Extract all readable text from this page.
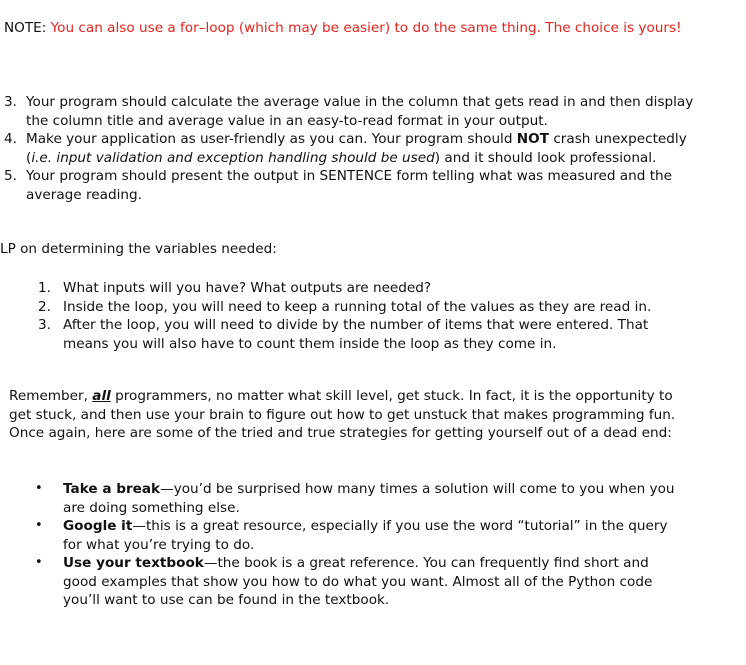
NOTE: You can also use a for–loop (which may be easier) to do the same thing. The choice is yours!
3. Your program should calculate the average value in the column that gets read in and then display the column title and average value in an easy-to-read format in your output.
4. Make your application as user-friendly as you can. Your program should NOT crash unexpectedly (i.e. input validation and exception handling should be used) and it should look professional.
5. Your program should present the output in SENTENCE form telling what was measured and the average reading.
LP on determining the variables needed:
1. What inputs will you have? What outputs are needed?
2. Inside the loop, you will need to keep a running total of the values as they are read in.
3. After the loop, you will need to divide by the number of items that were entered. That means you will also have to count them inside the loop as they come in.
Remember, all programmers, no matter what skill level, get stuck. In fact, it is the opportunity to get stuck, and then use your brain to figure out how to get unstuck that makes programming fun. Once again, here are some of the tried and true strategies for getting yourself out of a dead end:
• Take a break—you’d be surprised how many times a solution will come to you when you are doing something else.
• Google it—this is a great resource, especially if you use the word “tutorial” in the query for what you’re trying to do.
• Use your textbook—the book is a great reference. You can frequently find short and good examples that show you how to do what you want. Almost all of the Python code you’ll want to use can be found in the textbook.
